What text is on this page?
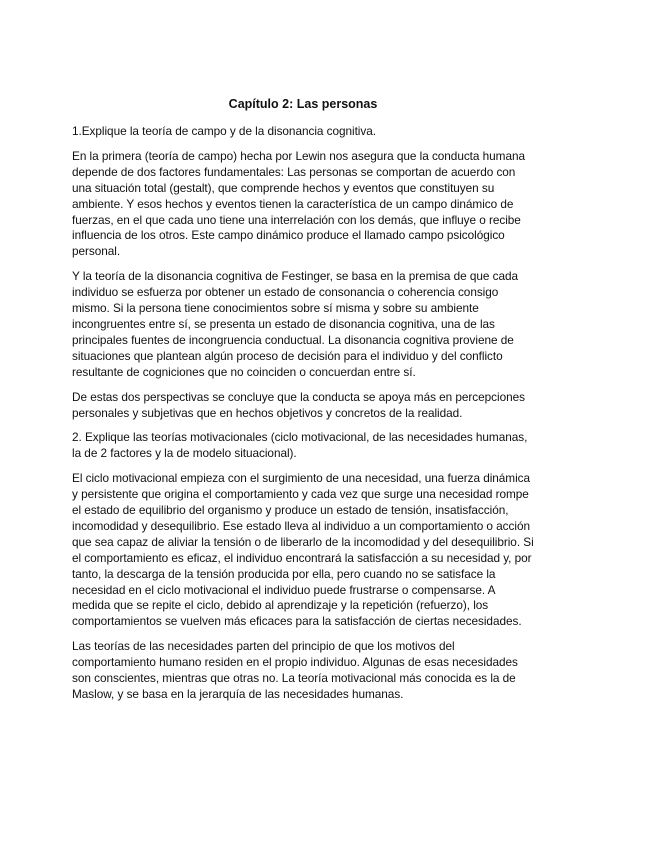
Capítulo 2: Las personas

1.Explique la teoría de campo y de la disonancia cognitiva.

En la primera (teoría de campo) hecha por Lewin nos asegura que la conducta humana depende de dos factores fundamentales: Las personas se comportan de acuerdo con una situación total (gestalt), que comprende hechos y eventos que constituyen su ambiente. Y esos hechos y eventos tienen la característica de un campo dinámico de fuerzas, en el que cada uno tiene una interrelación con los demás, que influye o recibe influencia de los otros. Este campo dinámico produce el llamado campo psicológico personal.

Y la teoría de la disonancia cognitiva de Festinger, se basa en la premisa de que cada individuo se esfuerza por obtener un estado de consonancia o coherencia consigo mismo. Si la persona tiene conocimientos sobre sí misma y sobre su ambiente incongruentes entre sí, se presenta un estado de disonancia cognitiva, una de las principales fuentes de incongruencia conductual. La disonancia cognitiva proviene de situaciones que plantean algún proceso de decisión para el individuo y del conflicto resultante de cogniciones que no coinciden o concuerdan entre sí.

De estas dos perspectivas se concluye que la conducta se apoya más en percepciones personales y subjetivas que en hechos objetivos y concretos de la realidad.

2. Explique las teorías motivacionales (ciclo motivacional, de las necesidades humanas, la de 2 factores y la de modelo situacional).

El ciclo motivacional empieza con el surgimiento de una necesidad, una fuerza dinámica y persistente que origina el comportamiento y cada vez que surge una necesidad rompe el estado de equilibrio del organismo y produce un estado de tensión, insatisfacción, incomodidad y desequilibrio. Ese estado lleva al individuo a un comportamiento o acción que sea capaz de aliviar la tensión o de liberarlo de la incomodidad y del desequilibrio. Si el comportamiento es eficaz, el individuo encontrará la satisfacción a su necesidad y, por tanto, la descarga de la tensión producida por ella, pero cuando no se satisface la necesidad en el ciclo motivacional el individuo puede frustrarse o compensarse. A medida que se repite el ciclo, debido al aprendizaje y la repetición (refuerzo), los comportamientos se vuelven más eficaces para la satisfacción de ciertas necesidades.

Las teorías de las necesidades parten del principio de que los motivos del comportamiento humano residen en el propio individuo. Algunas de esas necesidades son conscientes, mientras que otras no. La teoría motivacional más conocida es la de Maslow, y se basa en la jerarquía de las necesidades humanas.
